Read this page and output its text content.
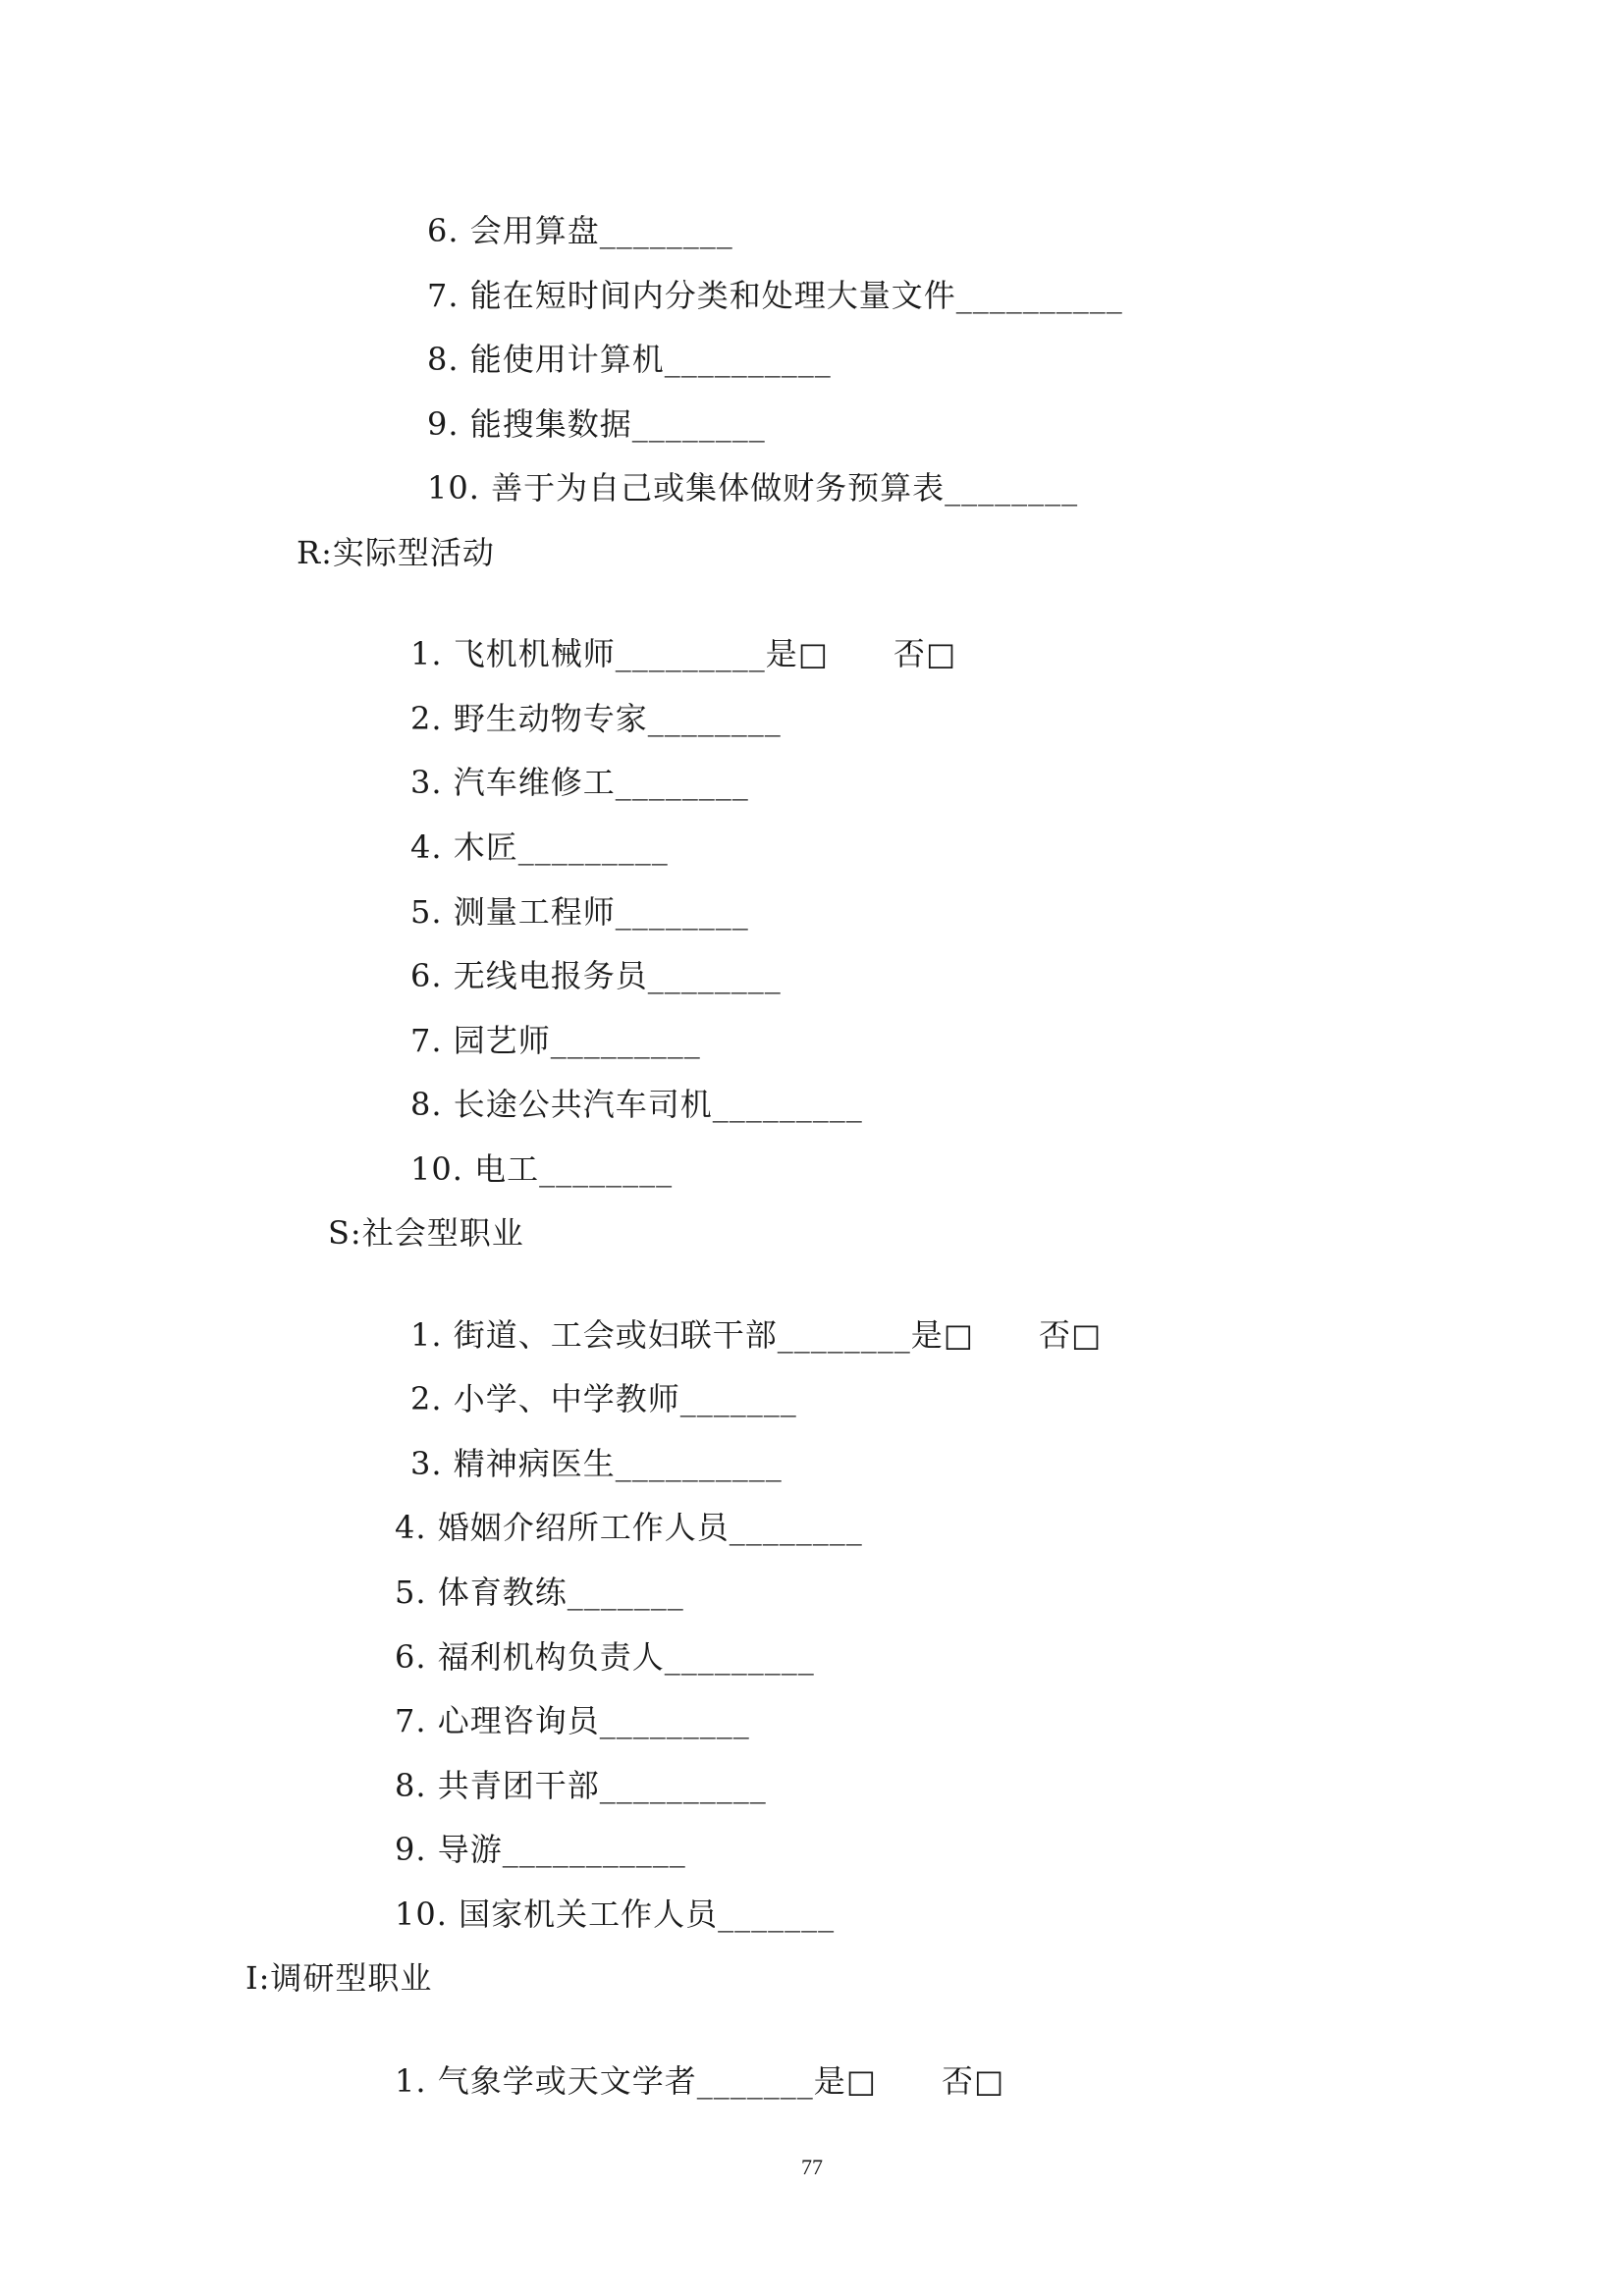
6. 会用算盘________
7. 能在短时间内分类和处理大量文件__________
8. 能使用计算机__________
9. 能搜集数据________
10. 善于为自己或集体做财务预算表________
R:实际型活动
1. 飞机机械师_________是□　　否□
2. 野生动物专家________
3. 汽车维修工________
4. 木匠_________
5. 测量工程师________
6. 无线电报务员________
7. 园艺师_________
8. 长途公共汽车司机_________
10. 电工________
S:社会型职业
1. 街道、工会或妇联干部________是□　　否□
2. 小学、中学教师_______
3. 精神病医生__________
4. 婚姻介绍所工作人员________
5. 体育教练_______
6. 福利机构负责人_________
7. 心理咨询员_________
8. 共青团干部__________
9. 导游___________
10. 国家机关工作人员_______
I:调研型职业
1. 气象学或天文学者_______是□　　否□
77
